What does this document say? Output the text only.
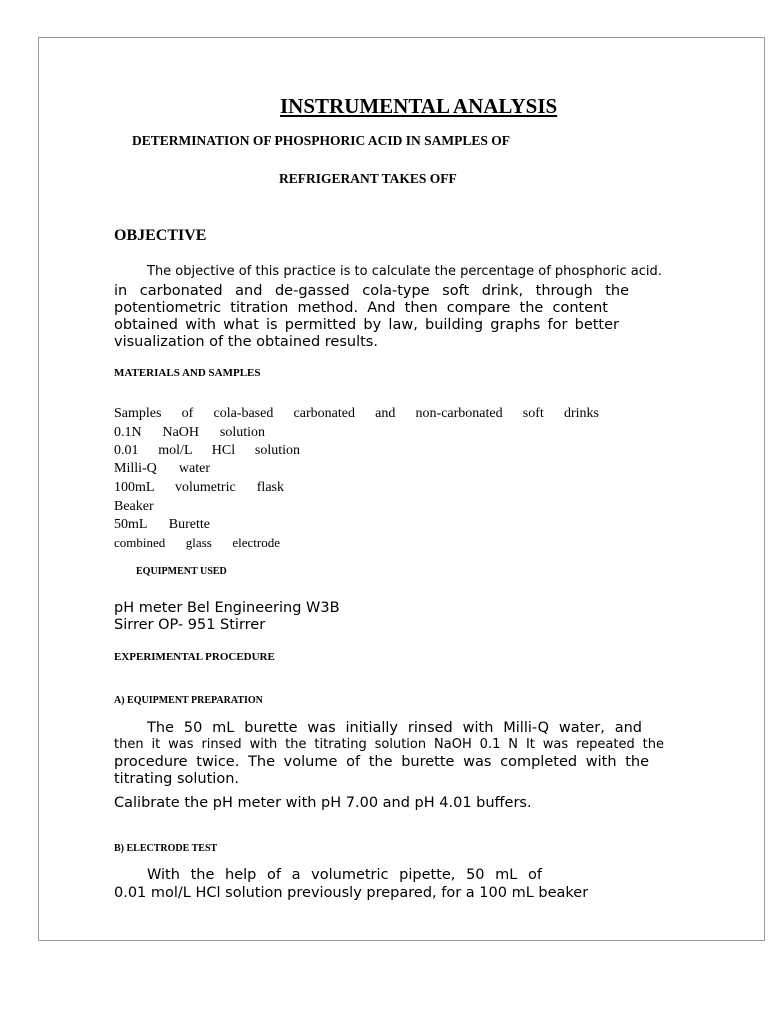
INSTRUMENTAL ANALYSIS
DETERMINATION OF PHOSPHORIC ACID IN SAMPLES OF
REFRIGERANT TAKES OFF
OBJECTIVE
The objective of this practice is to calculate the percentage of phosphoric acid.
in carbonated and de-gassed cola-type soft drink, through the
potentiometric titration method. And then compare the content
obtained with what is permitted by law, building graphs for better
visualization of the obtained results.
MATERIALS AND SAMPLES
Samples of cola-based carbonated and non-carbonated soft drinks
0.1N NaOH solution
0.01 mol/L HCl solution
Milli-Q water
100mL volumetric flask
Beaker
50mL Burette
combined glass electrode
EQUIPMENT USED
pH meter Bel Engineering W3B
Sirrer OP- 951 Stirrer
EXPERIMENTAL PROCEDURE
A) EQUIPMENT PREPARATION
The 50 mL burette was initially rinsed with Milli-Q water, and
then it was rinsed with the titrating solution NaOH 0.1 N It was repeated the
procedure twice. The volume of the burette was completed with the
titrating solution.
Calibrate the pH meter with pH 7.00 and pH 4.01 buffers.
B) ELECTRODE TEST
With the help of a volumetric pipette, 50 mL of
0.01 mol/L HCl solution previously prepared, for a 100 mL beaker
